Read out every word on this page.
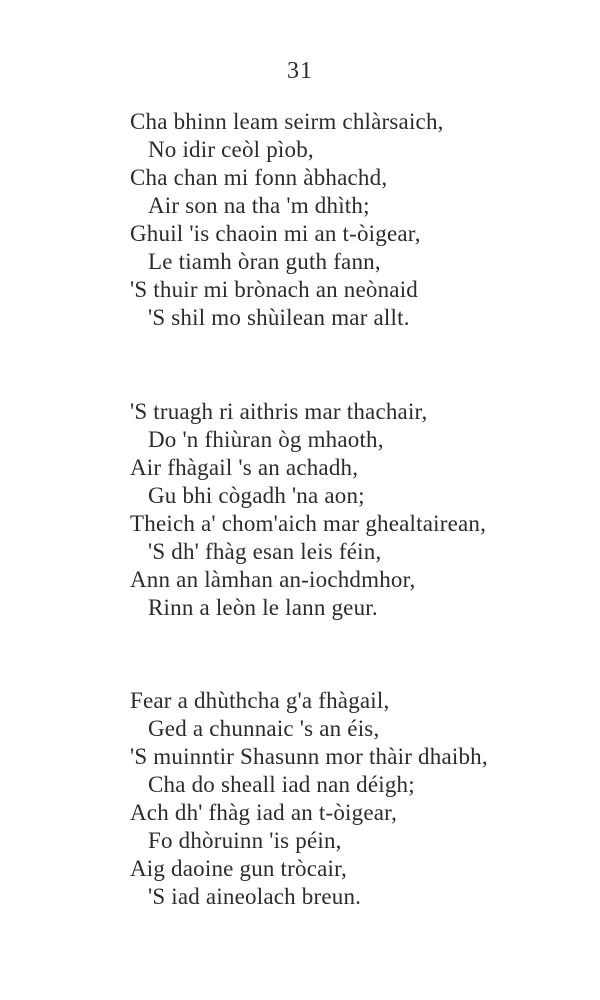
31
Cha bhinn leam seirm chlàrsaich,
No idir ceòl pìob,
Cha chan mi fonn àbhachd,
Air son na tha 'm dhìth;
Ghuil 'is chaoin mi an t-òigear,
Le tiamh òran guth fann,
'S thuir mi brònach an neònaid
'S shil mo shùilean mar allt.
'S truagh ri aithris mar thachair,
Do 'n fhiùran òg mhaoth,
Air fhàgail 's an achadh,
Gu bhi cògadh 'na aon;
Theich a' chom'aich mar ghealtairean,
'S dh' fhàg esan leis féin,
Ann an làmhan an-iochdmhor,
Rinn a leòn le lann geur.
Fear a dhùthcha g'a fhàgail,
Ged a chunnaic 's an éis,
'S muinntir Shasunn mor thàir dhaibh,
Cha do sheall iad nan déigh;
Ach dh' fhàg iad an t-òigear,
Fo dhòruinn 'is péin,
Aig daoine gun tròcair,
'S iad aineolach breun.
